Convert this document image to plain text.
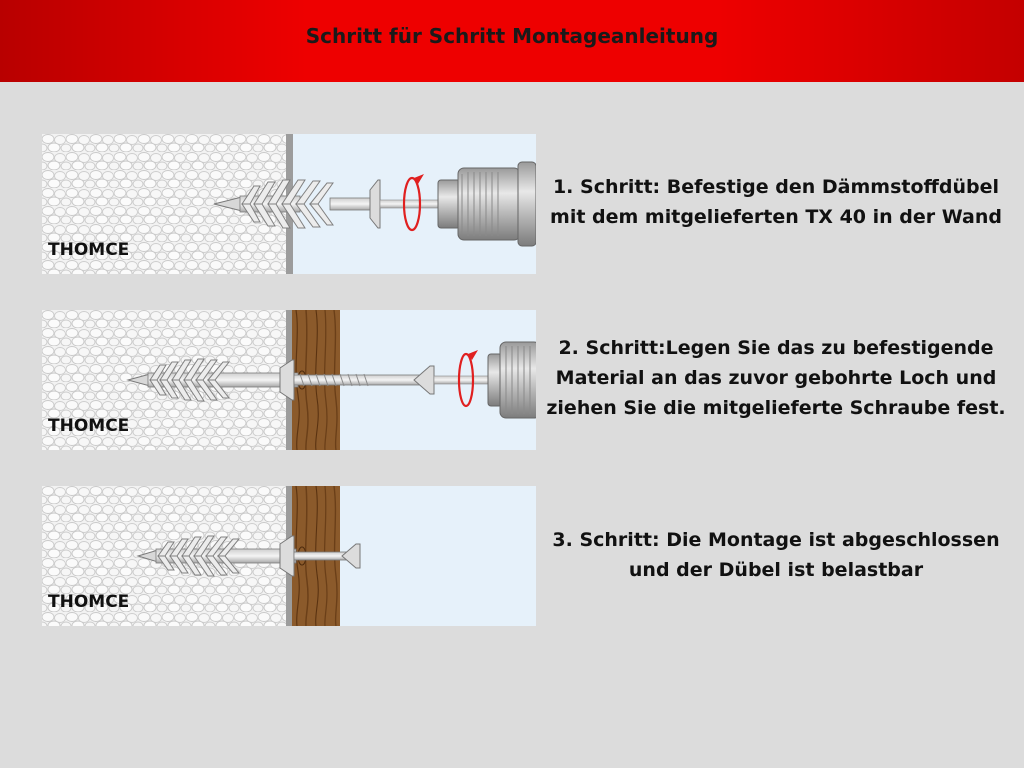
Schritt für Schritt Montageanleitung
THOMCE
1. Schritt: Befestige den Dämmstoffdübel
mit dem mitgelieferten TX 40 in der Wand
THOMCE
2. Schritt:Legen Sie das zu befestigende
Material an das zuvor gebohrte Loch und
ziehen Sie die mitgelieferte Schraube fest.
THOMCE
3. Schritt: Die Montage ist abgeschlossen
und der Dübel ist belastbar
